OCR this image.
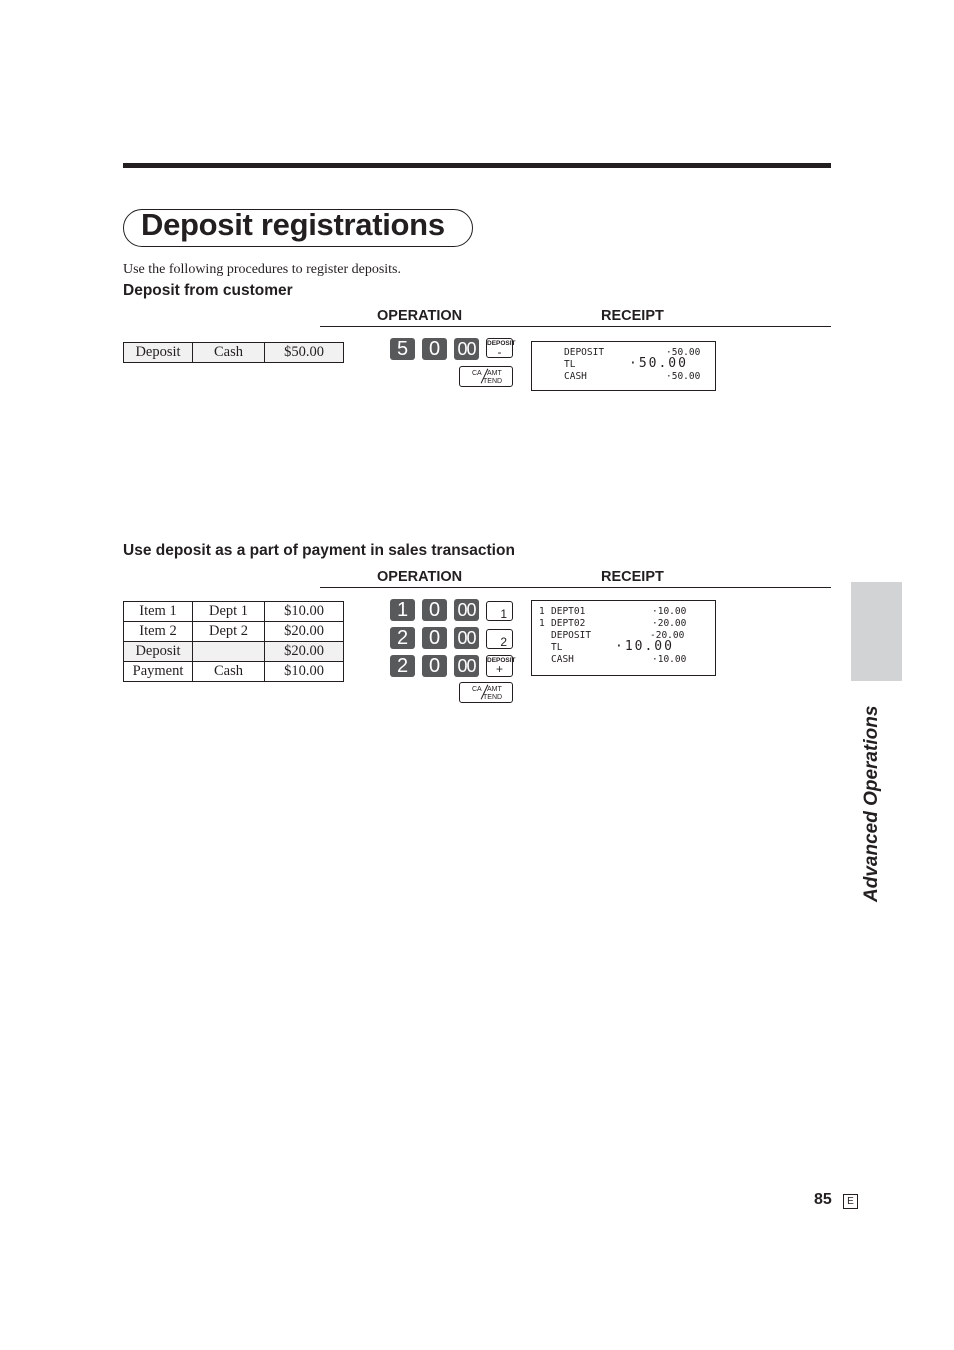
Deposit registrations
Use the following procedures to register deposits.
Deposit from customer
OPERATION	RECEIPT
Deposit	Cash	$50.00	5	0 00	DEPOSIT
-
CA AMT
TEND
DEPOSIT	·50.00
TL	·50.00
CASH	·50.00
Use deposit as a part of payment in sales transaction
OPERATION	RECEIPT
Item 1	Dept 1	$10.00
Item 2	Dept 2	$20.00
Deposit		$20.00
Payment	Cash	$10.00
1	0 00 1
2	0 00 2
2	0 00	DEPOSIT
+
CA AMT
TEND
1 DEPT01	·10.00
1 DEPT02	·20.00
DEPOSIT	-20.00
TL	·10.00
CASH	·10.00
Advanced Operations
85	E
